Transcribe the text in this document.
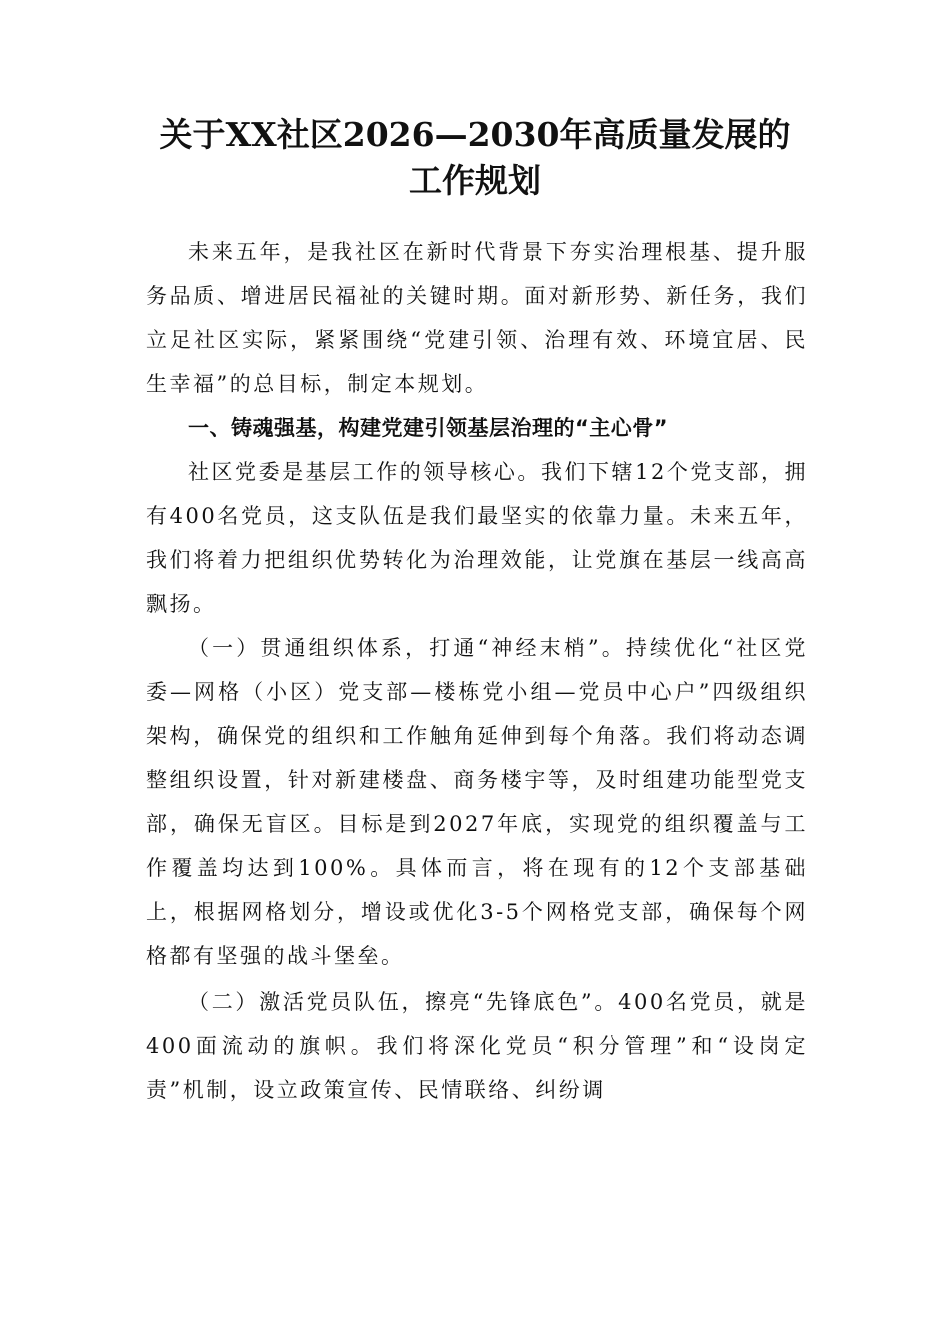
关于XX社区2026—2030年高质量发展的
工作规划

未来五年，是我社区在新时代背景下夯实治理根基、提升服务品质、增进居民福祉的关键时期。面对新形势、新任务，我们立足社区实际，紧紧围绕“党建引领、治理有效、环境宜居、民生幸福”的总目标，制定本规划。

一、铸魂强基，构建党建引领基层治理的“主心骨”

社区党委是基层工作的领导核心。我们下辖12个党支部，拥有400名党员，这支队伍是我们最坚实的依靠力量。未来五年，我们将着力把组织优势转化为治理效能，让党旗在基层一线高高飘扬。

（一）贯通组织体系，打通“神经末梢”。持续优化“社区党委—网格（小区）党支部—楼栋党小组—党员中心户”四级组织架构，确保党的组织和工作触角延伸到每个角落。我们将动态调整组织设置，针对新建楼盘、商务楼宇等，及时组建功能型党支部，确保无盲区。目标是到2027年底，实现党的组织覆盖与工作覆盖均达到100%。具体而言，将在现有的12个支部基础上，根据网格划分，增设或优化3-5个网格党支部，确保每个网格都有坚强的战斗堡垒。

（二）激活党员队伍，擦亮“先锋底色”。400名党员，就是400面流动的旗帜。我们将深化党员“积分管理”和“设岗定责”机制，设立政策宣传、民情联络、纠纷调
